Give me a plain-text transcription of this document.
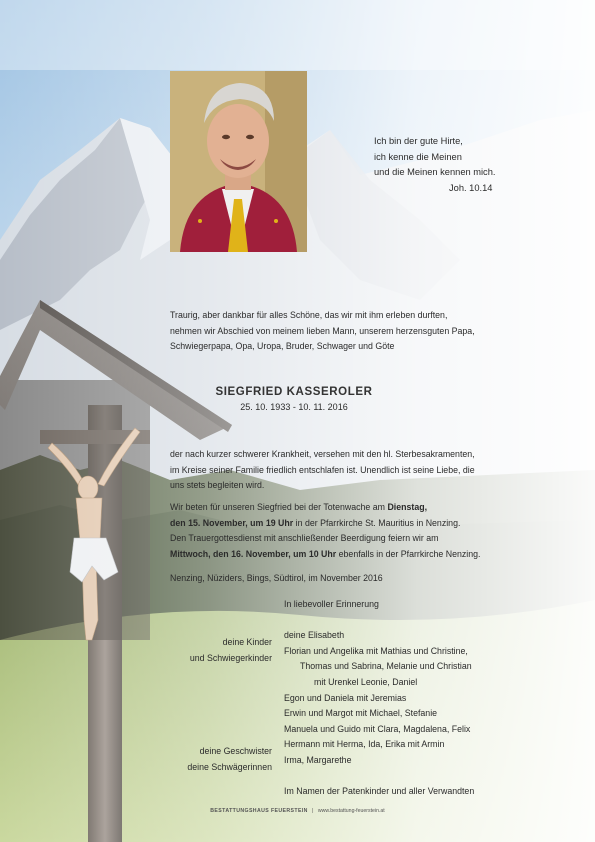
Ich bin der gute Hirte,
ich kenne die Meinen
und die Meinen kennen mich.
Joh. 10.14
Traurig, aber dankbar für alles Schöne, das wir mit ihm erleben durften,
nehmen wir Abschied von meinem lieben Mann, unserem herzensguten Papa,
Schwiegerpapa, Opa, Uropa, Bruder, Schwager und Göte
SIEGFRIED KASSEROLER
25. 10. 1933 - 10. 11. 2016
der nach kurzer schwerer Krankheit, versehen mit den hl. Sterbesakramenten,
im Kreise seiner Familie friedlich entschlafen ist. Unendlich ist seine Liebe, die
uns stets begleiten wird.
Wir beten für unseren Siegfried bei der Totenwache am Dienstag,
den 15. November, um 19 Uhr in der Pfarrkirche St. Mauritius in Nenzing.
Den Trauergottesdienst mit anschließender Beerdigung feiern wir am
Mittwoch, den 16. November, um 10 Uhr ebenfalls in der Pfarrkirche Nenzing.
Nenzing, Nüziders, Bings, Südtirol, im November 2016
deine Kinder
und Schwiegerkinder
deine Geschwister
deine Schwägerinnen
In liebevoller Erinnerung
deine Elisabeth
Florian und Angelika mit Mathias und Christine,
Thomas und Sabrina, Melanie und Christian
mit Urenkel Leonie, Daniel
Egon und Daniela mit Jeremias
Erwin und Margot mit Michael, Stefanie
Manuela und Guido mit Clara, Magdalena, Felix
Hermann mit Herma, Ida, Erika mit Armin
Irma, Margarethe
Im Namen der Patenkinder und aller Verwandten
BESTATTUNGSHAUS FEUERSTEIN | www.bestattung-feuerstein.at
